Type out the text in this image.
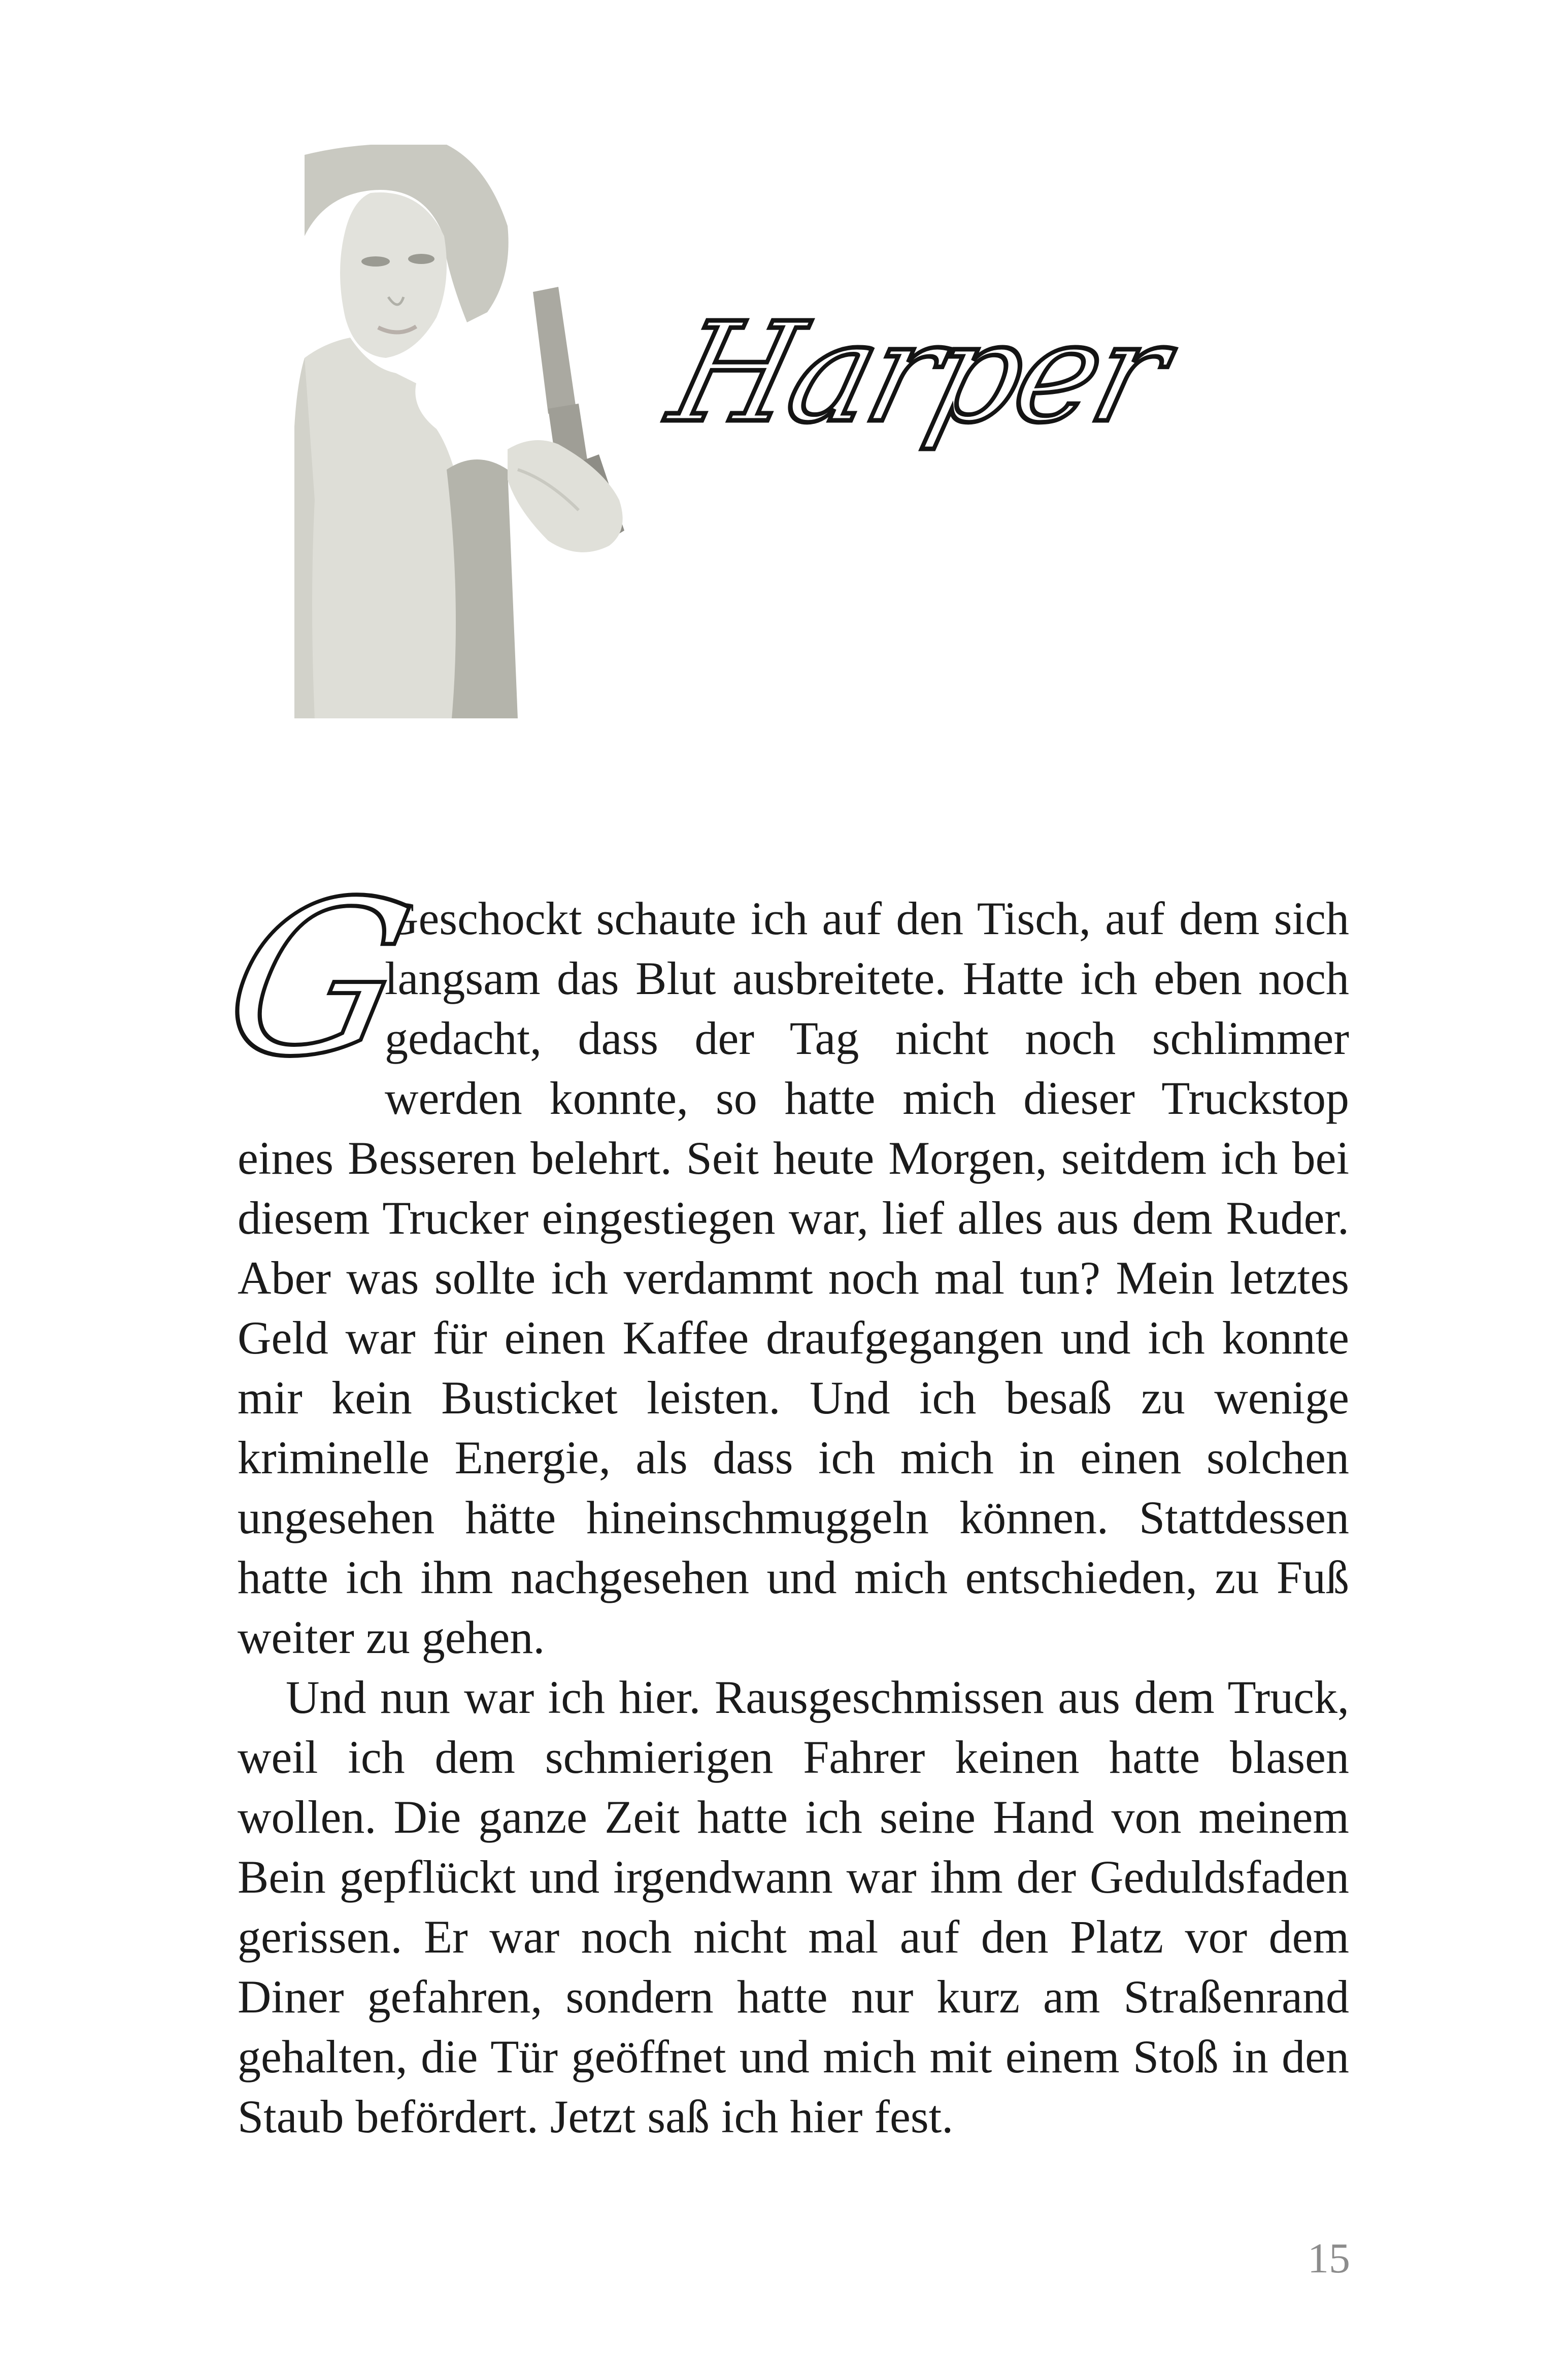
Harper

G
Geschockt schaute ich auf den Tisch, auf dem sich langsam das Blut ausbreitete. Hatte ich eben noch gedacht, dass der Tag nicht noch schlimmer werden konnte, so hatte mich dieser Truckstop eines Besseren belehrt. Seit heute Morgen, seitdem ich bei diesem Trucker eingestiegen war, lief alles aus dem Ruder. Aber was sollte ich verdammt noch mal tun? Mein letztes Geld war für einen Kaffee draufgegangen und ich konnte mir kein Busticket leisten. Und ich besaß zu wenige kriminelle Energie, als dass ich mich in einen solchen ungesehen hätte hineinschmuggeln können. Stattdessen hatte ich ihm nachgesehen und mich entschieden, zu Fuß weiter zu gehen.

Und nun war ich hier. Rausgeschmissen aus dem Truck, weil ich dem schmierigen Fahrer keinen hatte blasen wollen. Die ganze Zeit hatte ich seine Hand von meinem Bein gepflückt und irgendwann war ihm der Geduldsfaden gerissen. Er war noch nicht mal auf den Platz vor dem Diner gefahren, sondern hatte nur kurz am Straßenrand gehalten, die Tür geöffnet und mich mit einem Stoß in den Staub befördert. Jetzt saß ich hier fest.

15
